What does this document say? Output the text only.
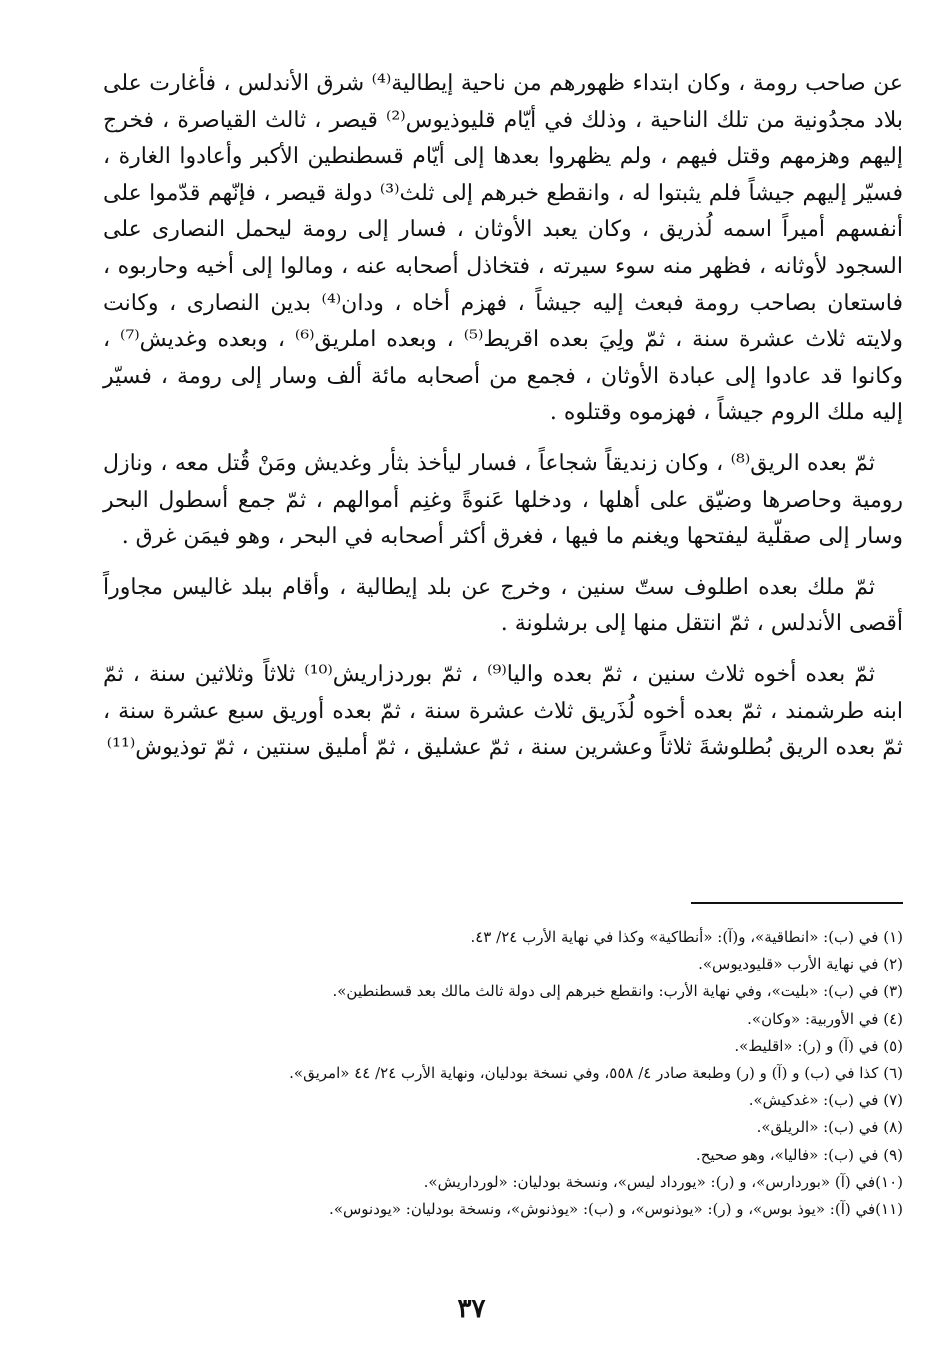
عن صاحب رومة ، وكان ابتداء ظهورهم من ناحية إيطالية⁽⁴⁾ شرق الأندلس ، فأغارت على بلاد مجدُونية من تلك الناحية ، وذلك في أيّام قليوذيوس⁽²⁾ قيصر ، ثالث القياصرة ، فخرج إليهم وهزمهم وقتل فيهم ، ولم يظهروا بعدها إلى أيّام قسطنطين الأكبر وأعادوا الغارة ، فسيّر إليهم جيشاً فلم يثبتوا له ، وانقطع خبرهم إلى ثلث⁽³⁾ دولة قيصر ، فإنّهم قدّموا على أنفسهم أميراً اسمه لُذريق ، وكان يعبد الأوثان ، فسار إلى رومة ليحمل النصارى على السجود لأوثانه ، فظهر منه سوء سيرته ، فتخاذل أصحابه عنه ، ومالوا إلى أخيه وحاربوه ، فاستعان بصاحب رومة فبعث إليه جيشاً ، فهزم أخاه ، ودان⁽⁴⁾ بدين النصارى ، وكانت ولايته ثلاث عشرة سنة ، ثمّ ولِيَ بعده اقريط⁽⁵⁾ ، وبعده املريق⁽⁶⁾ ، وبعده وغديش⁽⁷⁾ ، وكانوا قد عادوا إلى عبادة الأوثان ، فجمع من أصحابه مائة ألف وسار إلى رومة ، فسيّر إليه ملك الروم جيشاً ، فهزموه وقتلوه .

ثمّ بعده الريق⁽⁸⁾ ، وكان زنديقاً شجاعاً ، فسار ليأخذ بثأر وغديش ومَنْ قُتل معه ، ونازل رومية وحاصرها وضيّق على أهلها ، ودخلها عَنوةً وغنِم أموالهم ، ثمّ جمع أسطول البحر وسار إلى صقلّية ليفتحها ويغنم ما فيها ، فغرق أكثر أصحابه في البحر ، وهو فيمَن غرق .

ثمّ ملك بعده اطلوف ستّ سنين ، وخرج عن بلد إيطالية ، وأقام ببلد غاليس مجاوراً أقصى الأندلس ، ثمّ انتقل منها إلى برشلونة .

ثمّ بعده أخوه ثلاث سنين ، ثمّ بعده واليا⁽⁹⁾ ، ثمّ بوردزاريش⁽¹⁰⁾ ثلاثاً وثلاثين سنة ، ثمّ ابنه طرشمند ، ثمّ بعده أخوه لُذَريق ثلاث عشرة سنة ، ثمّ بعده أوريق سبع عشرة سنة ، ثمّ بعده الريق بُطلوشةَ ثلاثاً وعشرين سنة ، ثمّ عشليق ، ثمّ أمليق سنتين ، ثمّ توذيوش⁽¹¹⁾

(١) في (ب): «انطاقية»، و(آ): «أنطاكية» وكذا في نهاية الأرب ٢٤/ ٤٣.

(٢) في نهاية الأرب «قليوديوس».

(٣) في (ب): «بليت»، وفي نهاية الأرب: وانقطع خبرهم إلى دولة ثالث مالك بعد قسطنطين».

(٤) في الأوربية: «وكان».

(٥) في (آ) و (ر): «اقليط».

(٦) كذا في (ب) و (آ) و (ر) وطبعة صادر ٤/ ٥٥٨، وفي نسخة بودليان، ونهاية الأرب ٢٤/ ٤٤ «امريق».

(٧) في (ب): «غدكيش».

(٨) في (ب): «الريلق».

(٩) في (ب): «فاليا»، وهو صحيح.

(١٠)في (آ) «بوردارس»، و (ر): «يورداد ليس»، ونسخة بودليان: «لورداريش».

(١١)في (آ): «يوذ بوس»، و (ر): «يوذنوس»، و (ب): «يوذنوش»، ونسخة بودليان: «يودنوس».

٣٧
